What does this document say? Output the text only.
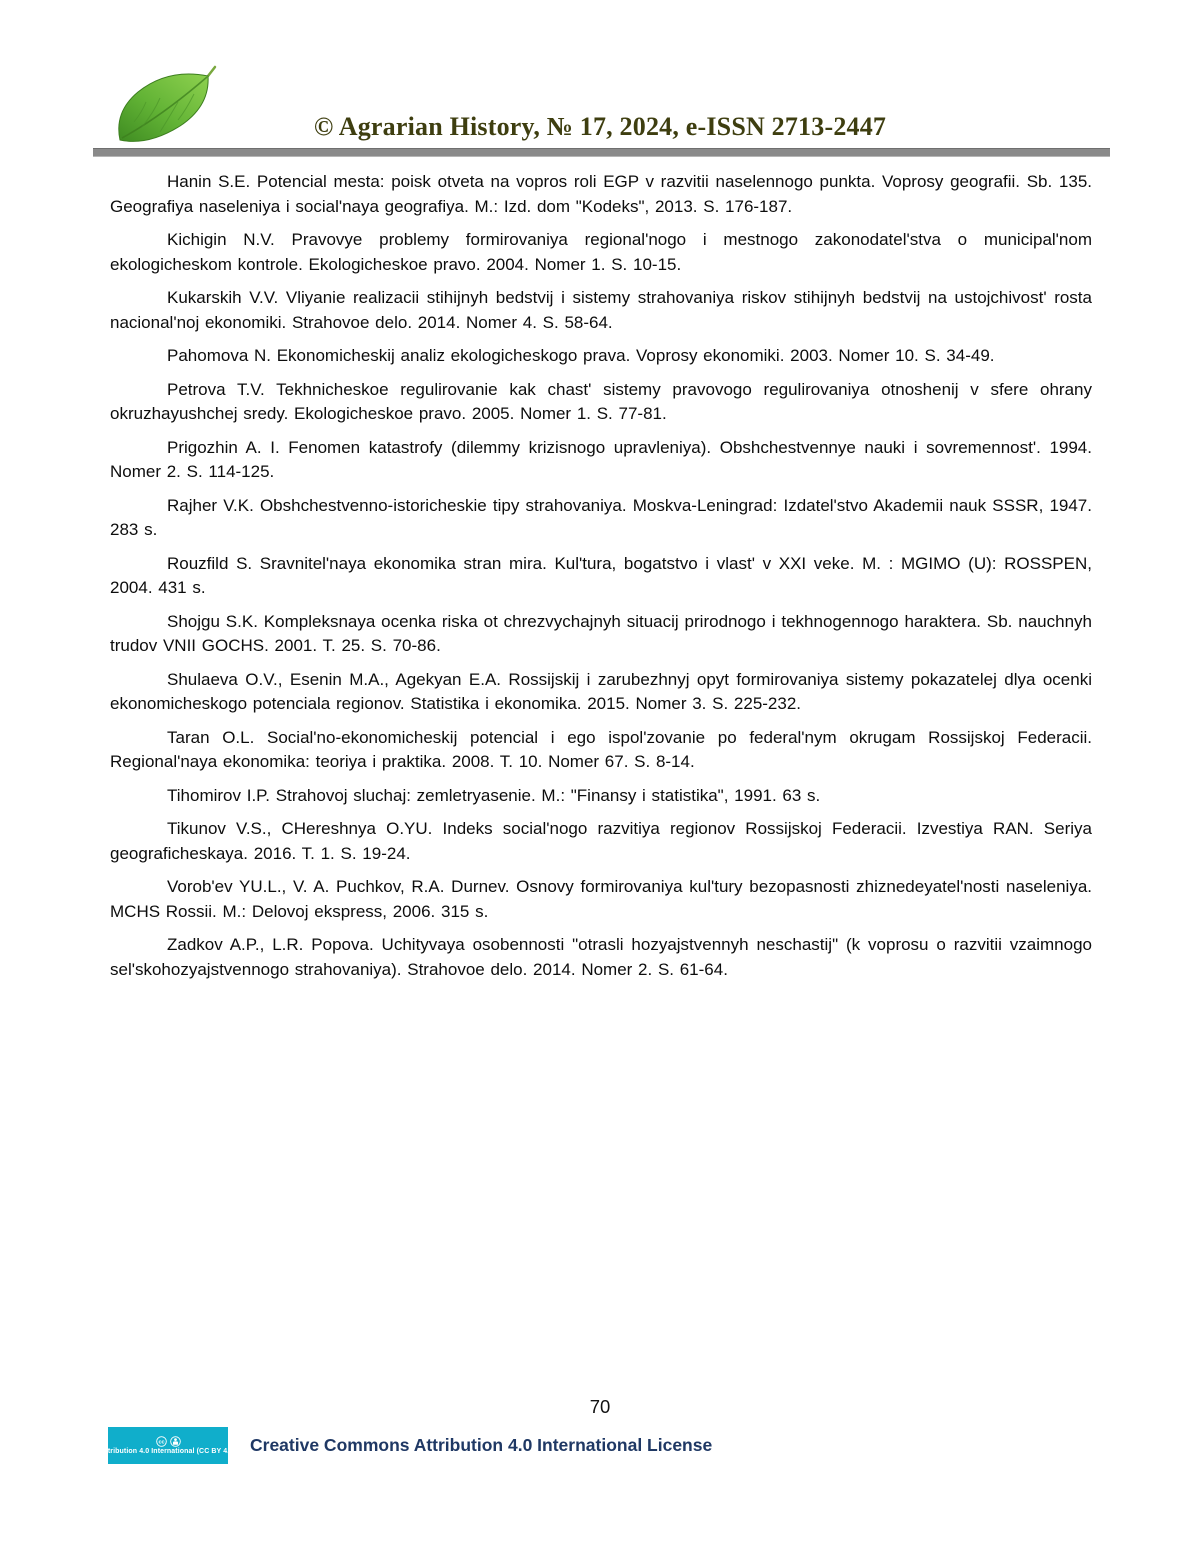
© Agrarian History, № 17, 2024, e-ISSN 2713-2447

Hanin S.E. Potencial mesta: poisk otveta na vopros roli EGP v razvitii naselennogo punkta. Voprosy geografii. Sb. 135. Geografiya naseleniya i social'naya geografiya. M.: Izd. dom "Kodeks", 2013. S. 176-187.

Kichigin N.V. Pravovye problemy formirovaniya regional'nogo i mestnogo zakonodatel'stva o municipal'nom ekologicheskom kontrole. Ekologicheskoe pravo. 2004. Nomer 1. S. 10-15.

Kukarskih V.V. Vliyanie realizacii stihijnyh bedstvij i sistemy strahovaniya riskov stihijnyh bedstvij na ustojchivost' rosta nacional'noj ekonomiki. Strahovoe delo. 2014. Nomer 4. S. 58-64.

Pahomova N. Ekonomicheskij analiz ekologicheskogo prava. Voprosy ekonomiki. 2003. Nomer 10. S. 34-49.

Petrova T.V. Tekhnicheskoe regulirovanie kak chast' sistemy pravovogo regulirovaniya otnoshenij v sfere ohrany okruzhayushchej sredy. Ekologicheskoe pravo. 2005. Nomer 1. S. 77-81.

Prigozhin A. I. Fenomen katastrofy (dilemmy krizisnogo upravleniya). Obshchestvennye nauki i sovremennost'. 1994. Nomer 2. S. 114-125.

Rajher V.K. Obshchestvenno-istoricheskie tipy strahovaniya. Moskva-Leningrad: Izdatel'stvo Akademii nauk SSSR, 1947. 283 s.

Rouzfild S. Sravnitel'naya ekonomika stran mira. Kul'tura, bogatstvo i vlast' v XXI veke. M. : MGIMO (U): ROSSPEN, 2004. 431 s.

Shojgu S.K. Kompleksnaya ocenka riska ot chrezvychajnyh situacij prirodnogo i tekhnogennogo haraktera. Sb. nauchnyh trudov VNII GOCHS. 2001. T. 25. S. 70-86.

Shulaeva O.V., Esenin M.A., Agekyan E.A. Rossijskij i zarubezhnyj opyt formirovaniya sistemy pokazatelej dlya ocenki ekonomicheskogo potenciala regionov. Statistika i ekonomika. 2015. Nomer 3. S. 225-232.

Taran O.L. Social'no-ekonomicheskij potencial i ego ispol'zovanie po federal'nym okrugam Rossijskoj Federacii. Regional'naya ekonomika: teoriya i praktika. 2008. T. 10. Nomer 67. S. 8-14.

Tihomirov I.P. Strahovoj sluchaj: zemletryasenie. M.: "Finansy i statistika", 1991. 63 s.

Tikunov V.S., CHereshnya O.YU. Indeks social'nogo razvitiya regionov Rossijskoj Federacii. Izvestiya RAN. Seriya geograficheskaya. 2016. T. 1. S. 19-24.

Vorob'ev YU.L., V. A. Puchkov, R.A. Durnev. Osnovy formirovaniya kul'tury bezopasnosti zhiznedeyatel'nosti naseleniya. MCHS Rossii. M.: Delovoj ekspress, 2006. 315 s.

Zadkov A.P., L.R. Popova. Uchityvaya osobennosti "otrasli hozyajstvennyh neschastij" (k voprosu o razvitii vzaimnogo sel'skohozyajstvennogo strahovaniya). Strahovoe delo. 2014. Nomer 2. S. 61-64.

70
cc
Attribution 4.0 International (CC BY 4.0) Creative Commons Attribution 4.0 International License
